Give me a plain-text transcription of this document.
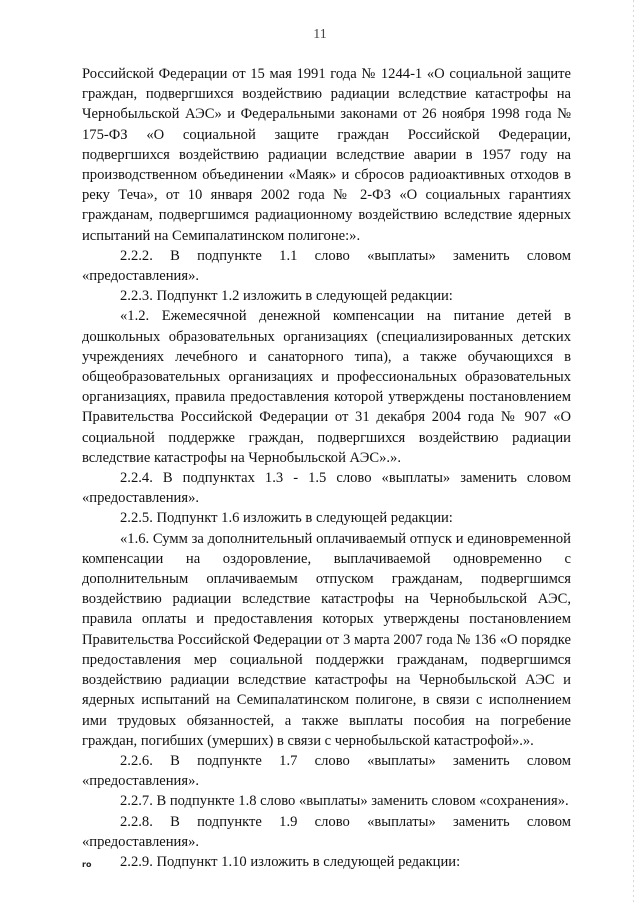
11

Российской Федерации от 15 мая 1991 года № 1244-1 «О социальной защите граждан, подвергшихся воздействию радиации вследствие катастрофы на Чернобыльской АЭС» и Федеральными законами от 26 ноября 1998 года № 175-ФЗ «О социальной защите граждан Российской Федерации, подвергшихся воздействию радиации вследствие аварии в 1957 году на производственном объединении «Маяк» и сбросов радиоактивных отходов в реку Теча», от 10 января 2002 года № 2-ФЗ «О социальных гарантиях гражданам, подвергшимся радиационному воздействию вследствие ядерных испытаний на Семипалатинском полигоне:».

2.2.2. В подпункте 1.1 слово «выплаты» заменить словом «предоставления».

2.2.3. Подпункт 1.2 изложить в следующей редакции:

«1.2. Ежемесячной денежной компенсации на питание детей в дошкольных образовательных организациях (специализированных детских учреждениях лечебного и санаторного типа), а также обучающихся в общеобразовательных организациях и профессиональных образовательных организациях, правила предоставления которой утверждены постановлением Правительства Российской Федерации от 31 декабря 2004 года № 907 «О социальной поддержке граждан, подвергшихся воздействию радиации вследствие катастрофы на Чернобыльской АЭС».».

2.2.4. В подпунктах 1.3 - 1.5 слово «выплаты» заменить словом «предоставления».

2.2.5. Подпункт 1.6 изложить в следующей редакции:

«1.6. Сумм за дополнительный оплачиваемый отпуск и единовременной компенсации на оздоровление, выплачиваемой одновременно с дополнительным оплачиваемым отпуском гражданам, подвергшимся воздействию радиации вследствие катастрофы на Чернобыльской АЭС, правила оплаты и предоставления которых утверждены постановлением Правительства Российской Федерации от 3 марта 2007 года № 136 «О порядке предоставления мер социальной поддержки гражданам, подвергшимся воздействию радиации вследствие катастрофы на Чернобыльской АЭС и ядерных испытаний на Семипалатинском полигоне, в связи с исполнением ими трудовых обязанностей, а также выплаты пособия на погребение граждан, погибших (умерших) в связи с чернобыльской катастрофой».».

2.2.6. В подпункте 1.7 слово «выплаты» заменить словом «предоставления».

2.2.7. В подпункте 1.8 слово «выплаты» заменить словом «сохранения».

2.2.8. В подпункте 1.9 слово «выплаты» заменить словом «предоставления».

2.2.9. Подпункт 1.10 изложить в следующей редакции:

ro
